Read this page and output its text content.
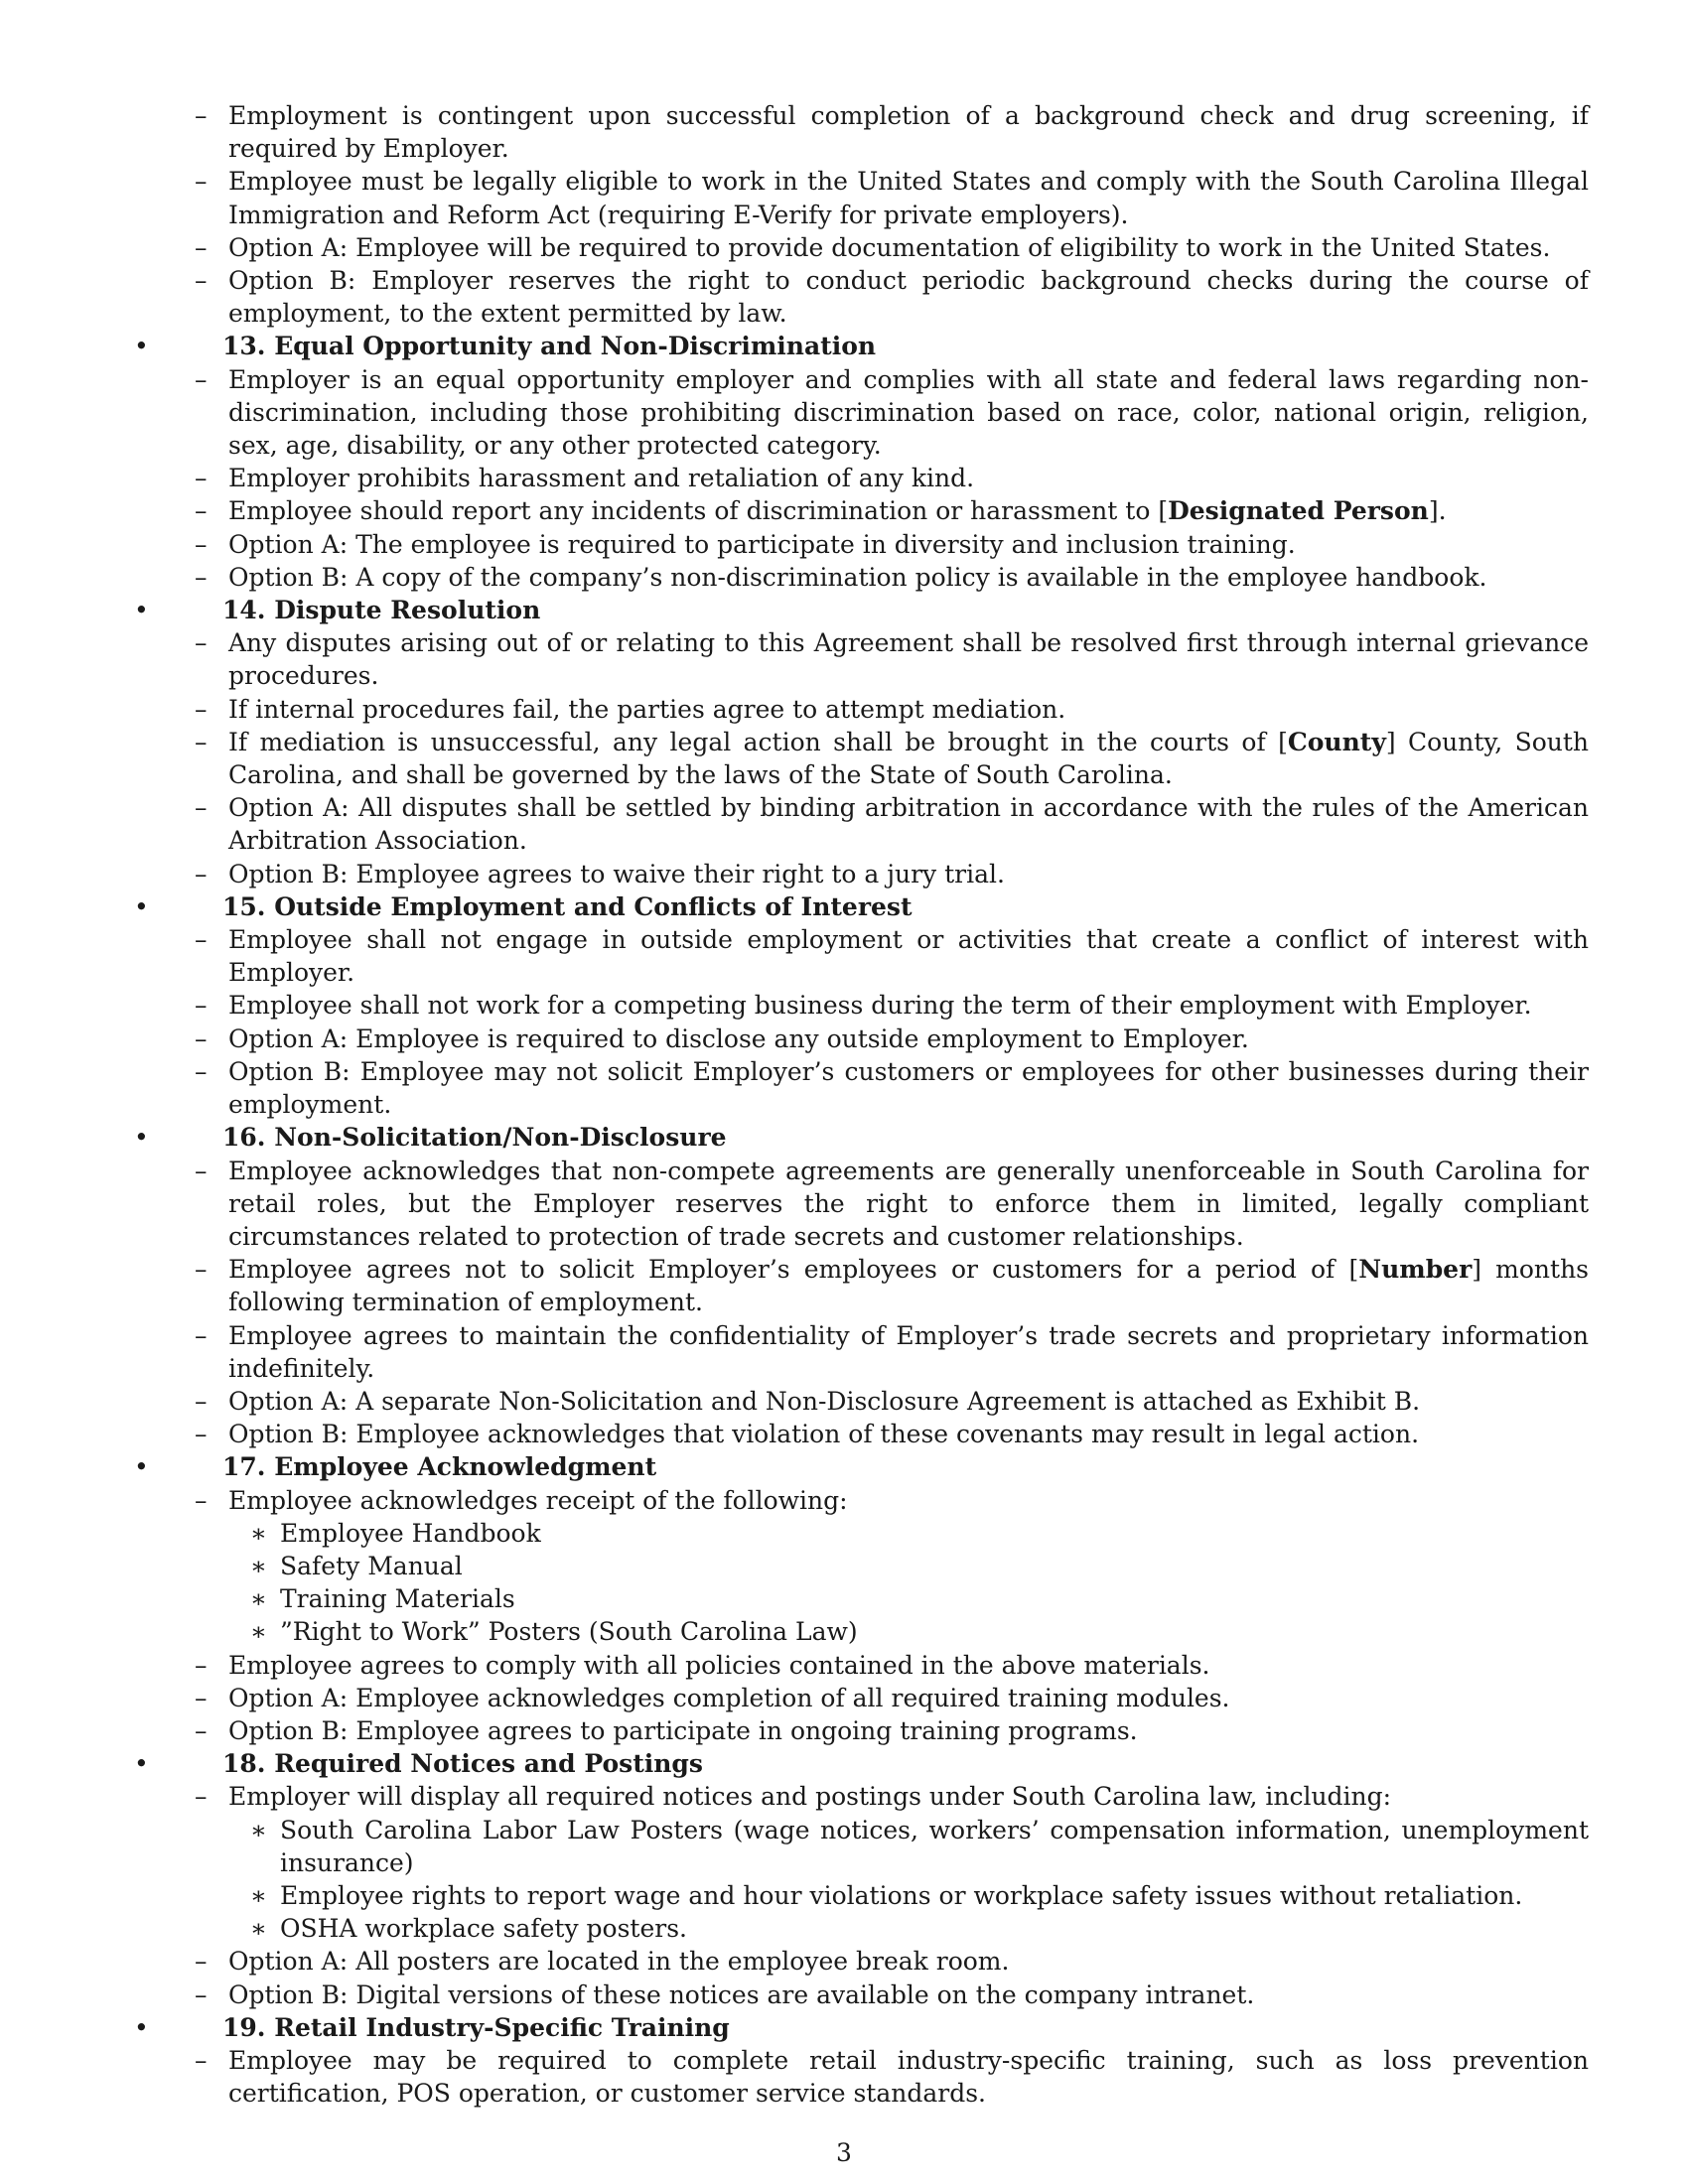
– Employment is contingent upon successful completion of a background check and drug screening, if required by Employer.
– Employee must be legally eligible to work in the United States and comply with the South Carolina Illegal Immigration and Reform Act (requiring E-Verify for private employers).
– Option A: Employee will be required to provide documentation of eligibility to work in the United States.
– Option B: Employer reserves the right to conduct periodic background checks during the course of employment, to the extent permitted by law.
•	13. Equal Opportunity and Non-Discrimination
– Employer is an equal opportunity employer and complies with all state and federal laws regarding non-discrimination, including those prohibiting discrimination based on race, color, national origin, religion, sex, age, disability, or any other protected category.
– Employer prohibits harassment and retaliation of any kind.
– Employee should report any incidents of discrimination or harassment to [Designated Person].
– Option A: The employee is required to participate in diversity and inclusion training.
– Option B: A copy of the company’s non-discrimination policy is available in the employee handbook.
•	14. Dispute Resolution
– Any disputes arising out of or relating to this Agreement shall be resolved first through internal grievance procedures.
– If internal procedures fail, the parties agree to attempt mediation.
– If mediation is unsuccessful, any legal action shall be brought in the courts of [County] County, South Carolina, and shall be governed by the laws of the State of South Carolina.
– Option A: All disputes shall be settled by binding arbitration in accordance with the rules of the American Arbitration Association.
– Option B: Employee agrees to waive their right to a jury trial.
•	15. Outside Employment and Conflicts of Interest
– Employee shall not engage in outside employment or activities that create a conflict of interest with Employer.
– Employee shall not work for a competing business during the term of their employment with Employer.
– Option A: Employee is required to disclose any outside employment to Employer.
– Option B: Employee may not solicit Employer’s customers or employees for other businesses during their employment.
•	16. Non-Solicitation/Non-Disclosure
– Employee acknowledges that non-compete agreements are generally unenforceable in South Carolina for retail roles, but the Employer reserves the right to enforce them in limited, legally compliant circumstances related to protection of trade secrets and customer relationships.
– Employee agrees not to solicit Employer’s employees or customers for a period of [Number] months following termination of employment.
– Employee agrees to maintain the confidentiality of Employer’s trade secrets and proprietary information indefinitely.
– Option A: A separate Non-Solicitation and Non-Disclosure Agreement is attached as Exhibit B.
– Option B: Employee acknowledges that violation of these covenants may result in legal action.
•	17. Employee Acknowledgment
– Employee acknowledges receipt of the following:
∗ Employee Handbook
∗ Safety Manual
∗ Training Materials
∗ ”Right to Work” Posters (South Carolina Law)
– Employee agrees to comply with all policies contained in the above materials.
– Option A: Employee acknowledges completion of all required training modules.
– Option B: Employee agrees to participate in ongoing training programs.
•	18. Required Notices and Postings
– Employer will display all required notices and postings under South Carolina law, including:
∗ South Carolina Labor Law Posters (wage notices, workers’ compensation information, unemployment insurance)
∗ Employee rights to report wage and hour violations or workplace safety issues without retaliation.
∗ OSHA workplace safety posters.
– Option A: All posters are located in the employee break room.
– Option B: Digital versions of these notices are available on the company intranet.
•	19. Retail Industry-Specific Training
– Employee may be required to complete retail industry-specific training, such as loss prevention certification, POS operation, or customer service standards.
3
